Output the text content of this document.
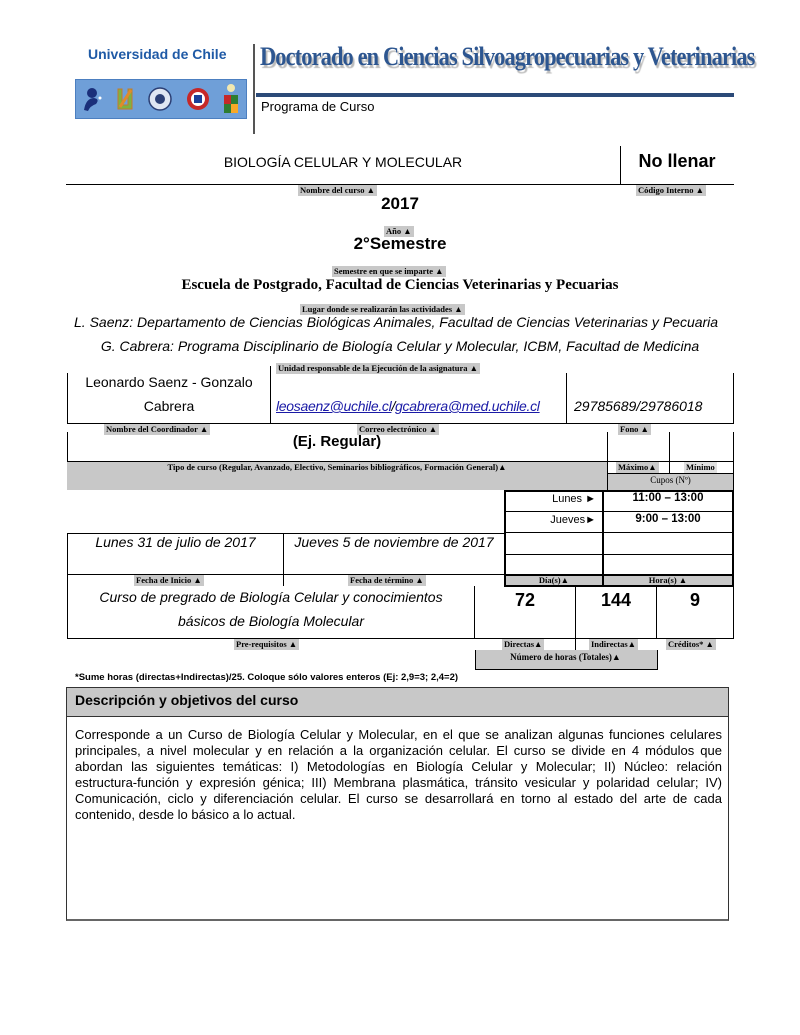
Universidad de Chile Doctorado en Ciencias Silvoagropecuarias y Veterinarias
Programa de Curso
BIOLOGÍA CELULAR Y MOLECULAR	No llenar
Nombre del curso ▲	Código Interno ▲
2017
Año ▲
2°Semestre
Semestre en que se imparte ▲
Escuela de Postgrado, Facultad de Ciencias Veterinarias y Pecuarias
Lugar donde se realizarán las actividades ▲
L. Saenz: Departamento de Ciencias Biológicas Animales, Facultad de Ciencias Veterinarias y Pecuaria
G. Cabrera: Programa Disciplinario de Biología Celular y Molecular, ICBM, Facultad de Medicina
Unidad responsable de la Ejecución de la asignatura ▲
Leonardo Saenz - Gonzalo
Cabrera	leosaenz@uchile.cl/gcabrera@med.uchile.cl 29785689/29786018
Nombre del Coordinador ▲	Correo electrónico ▲	Fono ▲
(Ej. Regular)
Tipo de curso (Regular, Avanzado, Electivo, Seminarios bibliográficos, Formación General)▲	Máximo▲	Mínimo
Cupos (Nº)
Lunes ►	11:00 – 13:00
Jueves►	9:00 – 13:00
Lunes 31 de julio de 2017	Jueves 5 de noviembre de 2017
Fecha de Inicio ▲	Fecha de término ▲	Día(s)▲	Hora(s) ▲
Curso de pregrado de Biología Celular y conocimientos
básicos de Biología Molecular
72	144	9
Pre-requisitos ▲	Directas▲	Indirectas▲	Créditos* ▲
Número de horas (Totales)▲
*Sume horas (directas+Indirectas)/25. Coloque sólo valores enteros (Ej: 2,9=3; 2,4=2)
Descripción y objetivos del curso
Corresponde a un Curso de Biología Celular y Molecular, en el que se analizan algunas funciones celulares principales, a nivel molecular y en relación a la organización celular. El curso se divide en 4 módulos que abordan las siguientes temáticas: I) Metodologías en Biología Celular y Molecular; II) Núcleo: relación estructura-función y expresión génica; III) Membrana plasmática, tránsito vesicular y polaridad celular; IV) Comunicación, ciclo y diferenciación celular. El curso se desarrollará en torno al estado del arte de cada contenido, desde lo básico a lo actual.
